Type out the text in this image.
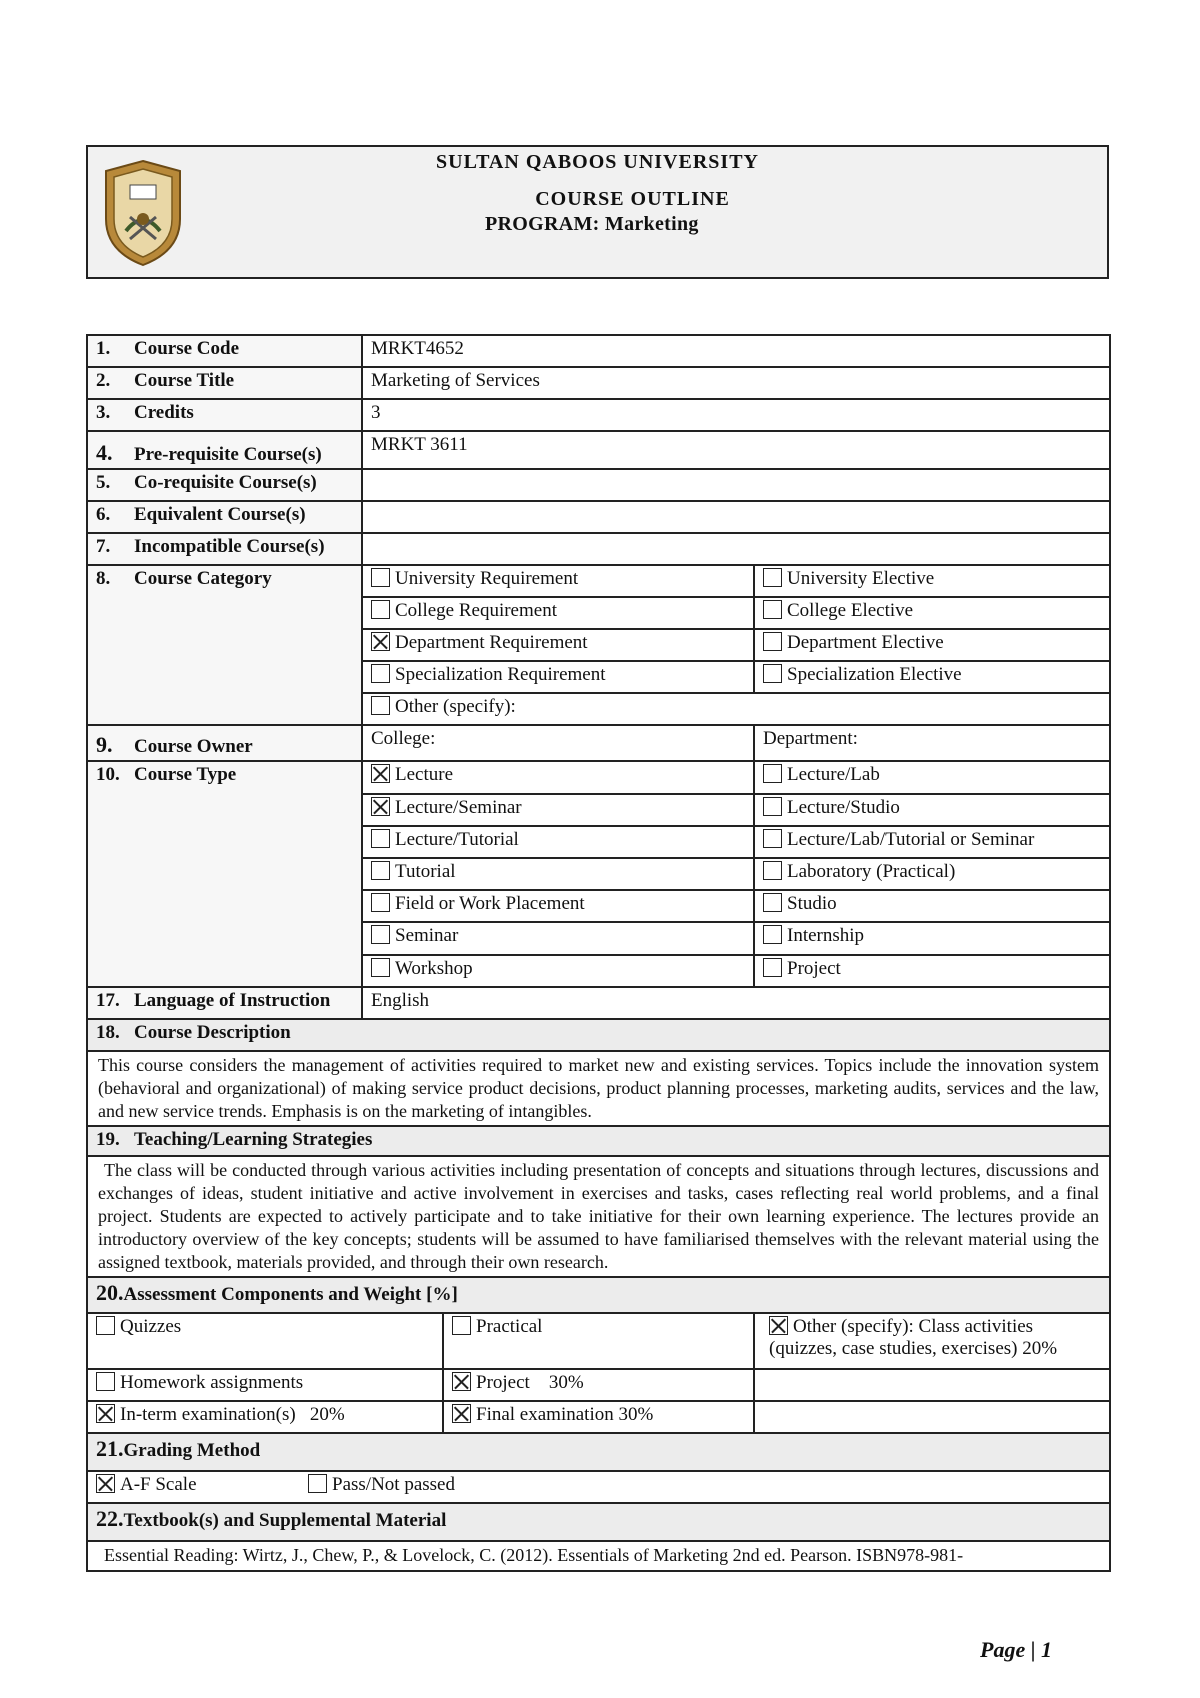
SULTAN QABOOS UNIVERSITY
COURSE OUTLINE
PROGRAM: Marketing
1. Course Code	MRKT4652	
2. Course Title	Marketing of Services	
3. Credits	3	
4. Pre-requisite Course(s)	MRKT 3611	
5. Co-requisite Course(s)		
6. Equivalent Course(s)		
7. Incompatible Course(s)		
8. Course Category	University Requirement	University Elective
	College Requirement	College Elective
	Department Requirement	Department Elective
	Specialization Requirement	Specialization Elective
	Other (specify):	
9. Course Owner	College:	Department:
10. Course Type	Lecture	Lecture/Lab
	Lecture/Seminar	Lecture/Studio
	Lecture/Tutorial	Lecture/Lab/Tutorial or Seminar
	Tutorial	Laboratory (Practical)
	Field or Work Placement	Studio
	Seminar	Internship
	Workshop	Project
17. Language of Instruction	English	
18. Course Description		
This course considers the management of activities required to market new and existing services. Topics include the innovation system (behavioral and organizational) of making service product decisions, product planning processes, marketing audits, services and the law, and new service trends. Emphasis is on the marketing of intangibles.		
19. Teaching/Learning Strategies		
The class will be conducted through various activities including presentation of concepts and situations through lectures, discussions and exchanges of ideas, student initiative and active involvement in exercises and tasks, cases reflecting real world problems, and a final project. Students are expected to actively participate and to take initiative for their own learning experience. The lectures provide an introductory overview of the key concepts; students will be assumed to have familiarised themselves with the relevant material using the assigned textbook, materials provided, and through their own research.		
20.Assessment Components and Weight [%]		
Quizzes	Practical	Other (specify): Class activities (quizzes, case studies, exercises) 20%
Homework assignments	Project    30%	
In-term examination(s)   20%	Final examination 30%	
21.Grading Method		
A-F Scale Pass/Not passed		
22.Textbook(s) and Supplemental Material		
Essential Reading: Wirtz, J., Chew, P., & Lovelock, C. (2012). Essentials of Marketing 2nd ed. Pearson. ISBN978-981-		
Page | 1
